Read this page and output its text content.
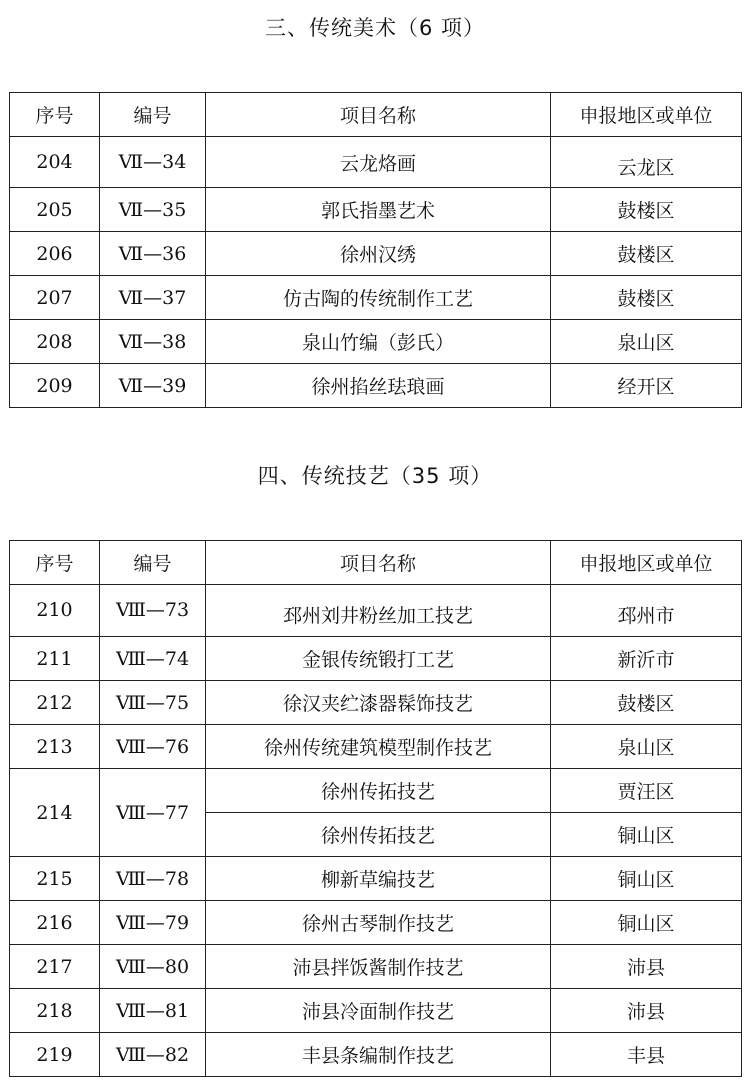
三、传统美术（6 项）
序号	编号	项目名称	申报地区或单位
204	Ⅶ—34	云龙烙画	云龙区
205	Ⅶ—35	郭氏指墨艺术	鼓楼区
206	Ⅶ—36	徐州汉绣	鼓楼区
207	Ⅶ—37	仿古陶的传统制作工艺	鼓楼区
208	Ⅶ—38	泉山竹编（彭氏）	泉山区
209	Ⅶ—39	徐州掐丝珐琅画	经开区
四、传统技艺（35 项）
序号	编号	项目名称	申报地区或单位
210	Ⅷ—73	邳州刘井粉丝加工技艺	邳州市
211	Ⅷ—74	金银传统锻打工艺	新沂市
212	Ⅷ—75	徐汉夹纻漆器髹饰技艺	鼓楼区
213	Ⅷ—76	徐州传统建筑模型制作技艺	泉山区
214	Ⅷ—77	徐州传拓技艺	贾汪区
		徐州传拓技艺	铜山区
215	Ⅷ—78	柳新草编技艺	铜山区
216	Ⅷ—79	徐州古琴制作技艺	铜山区
217	Ⅷ—80	沛县拌饭酱制作技艺	沛县
218	Ⅷ—81	沛县冷面制作技艺	沛县
219	Ⅷ—82	丰县条编制作技艺	丰县
